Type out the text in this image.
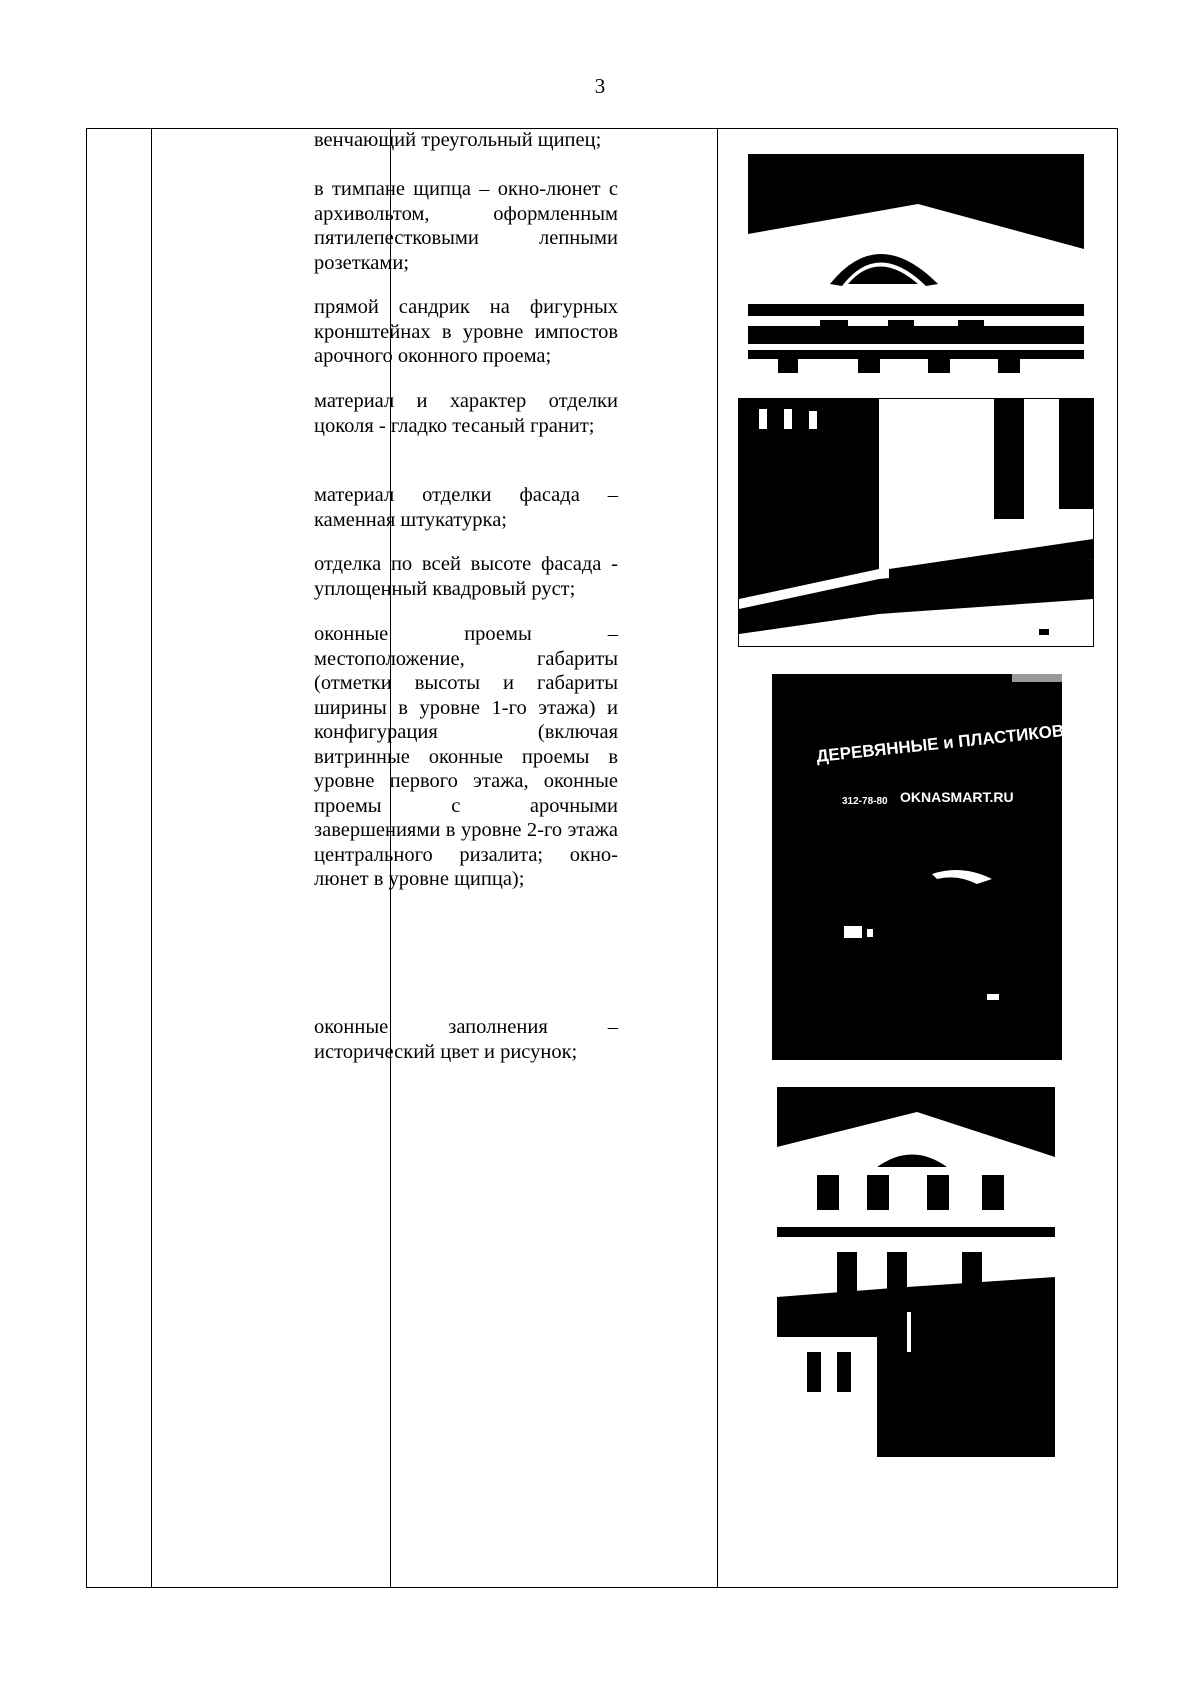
3

венчающий треугольный щипец;

в тимпане щипца – окно-люнет с архивольтом, оформленным пятилепестковыми лепными розетками;

прямой сандрик на фигурных кронштейнах в уровне импостов арочного оконного проема;

материал и характер отделки цоколя - гладко тесаный гранит;

материал отделки фасада – каменная штукатурка;

отделка по всей высоте фасада - уплощенный квадровый руст;

оконные проемы – местоположение, габариты (отметки высоты и габариты ширины в уровне 1-го этажа) и конфигурация (включая витринные оконные проемы в уровне первого этажа, оконные проемы с арочными завершениями в уровне 2-го этажа центрального ризалита; окно-люнет в уровне щипца);

оконные заполнения – исторический цвет и рисунок;

ДЕРЕВЯННЫЕ и ПЛАСТИКОВЫЕ
312-78-80 OKNASMART.RU
